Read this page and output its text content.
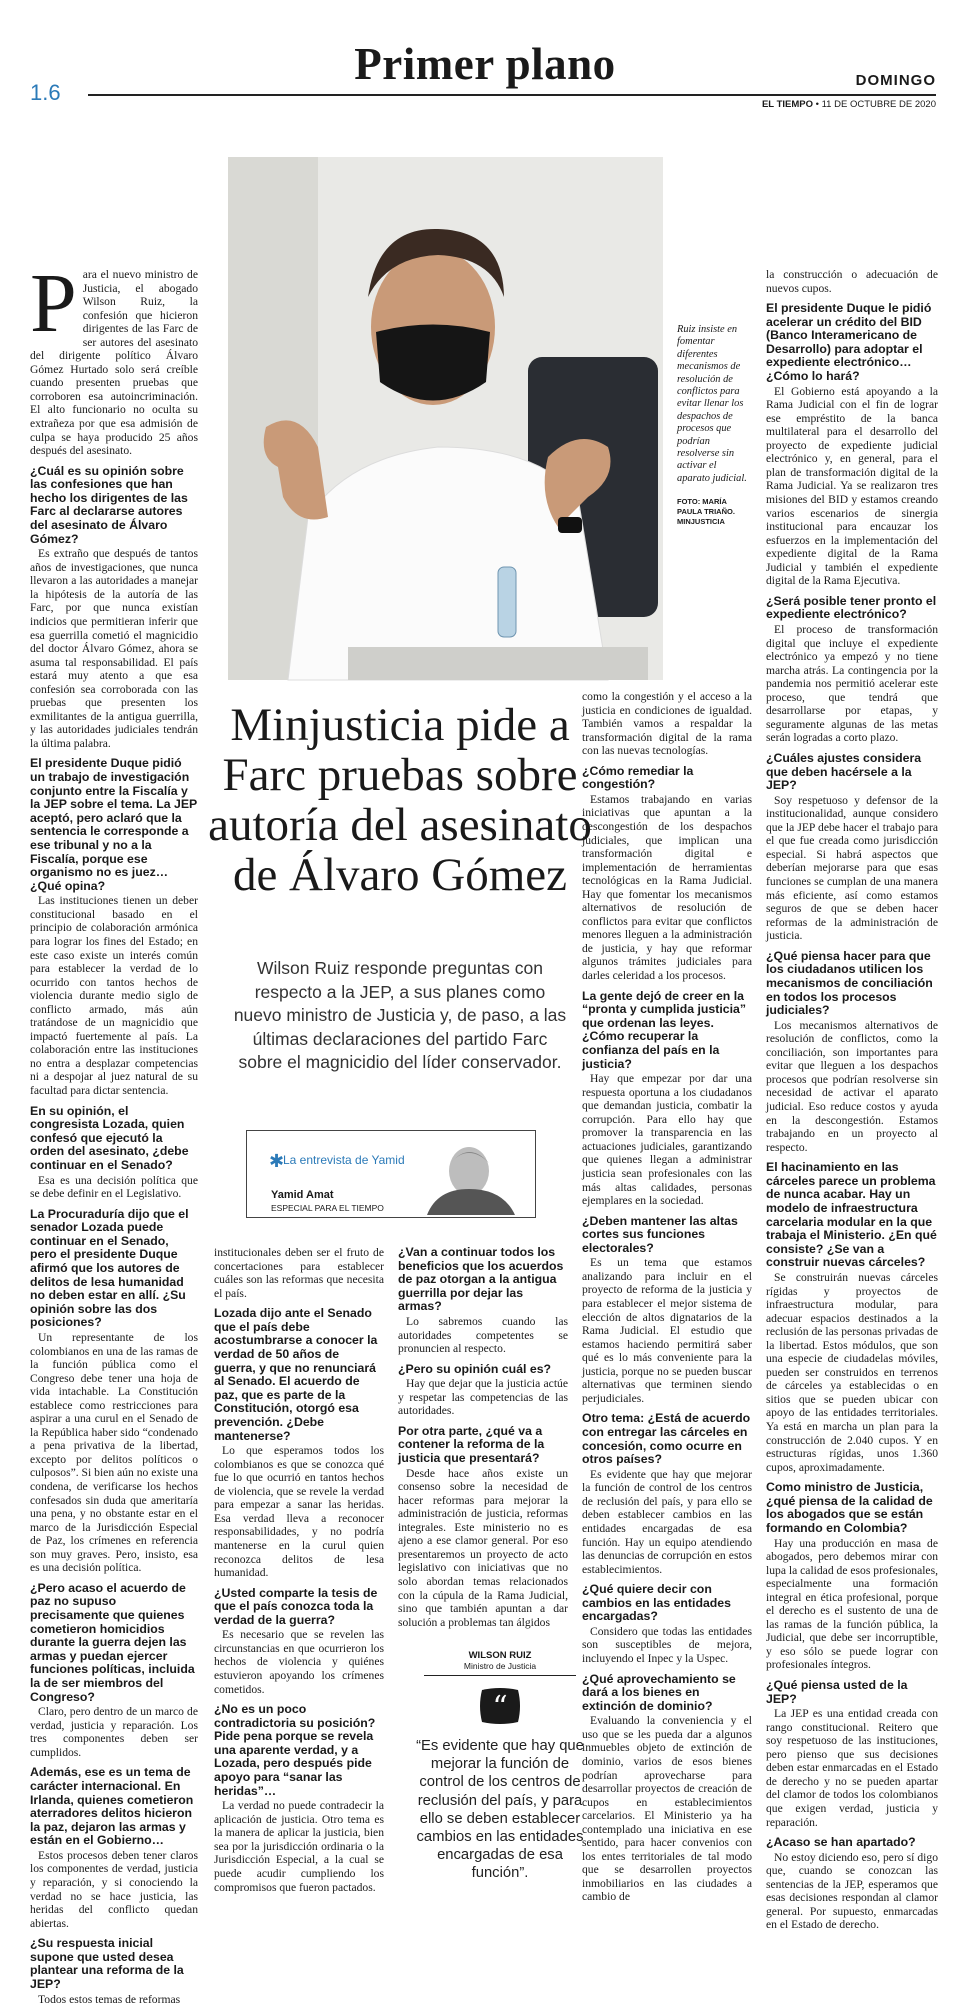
Primer plano
1.6	DOMINGO
EL TIEMPO • 11 DE OCTUBRE DE 2020
Ruiz insiste en fomentar diferentes mecanismos de resolución de conflictos para evitar llenar los despachos de procesos que podrían resolverse sin activar el aparato judicial.
FOTO: MARÍA PAULA TRIAÑO. MINJUSTICIA
Minjusticia pide a Farc pruebas sobre autoría del asesinato de Álvaro Gómez
Wilson Ruiz responde preguntas con respecto a la JEP, a sus planes como nuevo ministro de Justicia y, de paso, a las últimas declaraciones del partido Farc sobre el magnicidio del líder conservador.
✱
La entrevista de Yamid
Yamid Amat
ESPECIAL PARA EL TIEMPO
WILSON RUIZ
Ministro de Justicia
“
“Es evidente que hay que mejorar la función de control de los centros de reclusión del país, y para ello se deben establecer cambios en las entidades encargadas de esa función”.

Para el nuevo ministro de Justicia, el abogado Wilson Ruiz, la confesión que hicieron dirigentes de las Farc de ser autores del asesinato del dirigente político Álvaro Gómez Hurtado solo será creíble cuando presenten pruebas que corroboren esa autoincriminación. El alto funcionario no oculta su extrañeza por que esa admisión de culpa se haya producido 25 años después del asesinato.

¿Cuál es su opinión sobre las confesiones que han hecho los dirigentes de las Farc al declararse autores del asesinato de Álvaro Gómez?

Es extraño que después de tantos años de investigaciones, que nunca llevaron a las autoridades a manejar la hipótesis de la autoría de las Farc, por que nunca existían indicios que permitieran inferir que esa guerrilla cometió el magnicidio del doctor Álvaro Gómez, ahora se asuma tal responsabilidad. El país estará muy atento a que esa confesión sea corroborada con las pruebas que presenten los exmilitantes de la antigua guerrilla, y las autoridades judiciales tendrán la última palabra.

El presidente Duque pidió un trabajo de investigación conjunto entre la Fiscalía y la JEP sobre el tema. La JEP aceptó, pero aclaró que la sentencia le corresponde a ese tribunal y no a la Fiscalía, porque ese organismo no es juez… ¿Qué opina?

Las instituciones tienen un deber constitucional basado en el principio de colaboración armónica para lograr los fines del Estado; en este caso existe un interés común para establecer la verdad de lo ocurrido con tantos hechos de violencia durante medio siglo de conflicto armado, más aún tratándose de un magnicidio que impactó fuertemente al país. La colaboración entre las instituciones no entra a desplazar competencias ni a despojar al juez natural de su facultad para dictar sentencia.

En su opinión, el congresista Lozada, quien confesó que ejecutó la orden del asesinato, ¿debe continuar en el Senado?

Esa es una decisión política que se debe definir en el Legislativo.

La Procuraduría dijo que el senador Lozada puede continuar en el Senado, pero el presidente Duque afirmó que los autores de delitos de lesa humanidad no deben estar en allí. ¿Su opinión sobre las dos posiciones?

Un representante de los colombianos en una de las ramas de la función pública como el Congreso debe tener una hoja de vida intachable. La Constitución establece como restricciones para aspirar a una curul en el Senado de la República haber sido “condenado a pena privativa de la libertad, excepto por delitos políticos o culposos”. Si bien aún no existe una condena, de verificarse los hechos confesados sin duda que ameritaría una pena, y no obstante estar en el marco de la Jurisdicción Especial de Paz, los crímenes en referencia son muy graves. Pero, insisto, esa es una decisión política.

¿Pero acaso el acuerdo de paz no supuso precisamente que quienes cometieron homicidios durante la guerra dejen las armas y puedan ejercer funciones políticas, incluida la de ser miembros del Congreso?

Claro, pero dentro de un marco de verdad, justicia y reparación. Los tres componentes deben ser cumplidos.

Además, ese es un tema de carácter internacional. En Irlanda, quienes cometieron aterradores delitos hicieron la paz, dejaron las armas y están en el Gobierno…

Estos procesos deben tener claros los componentes de verdad, justicia y reparación, y si conociendo la verdad no se hace justicia, las heridas del conflicto quedan abiertas.

¿Su respuesta inicial supone que usted desea plantear una reforma de la JEP?

Todos estos temas de reformas

institucionales deben ser el fruto de concertaciones para establecer cuáles son las reformas que necesita el país.

Lozada dijo ante el Senado que el país debe acostumbrarse a conocer la verdad de 50 años de guerra, y que no renunciará al Senado. El acuerdo de paz, que es parte de la Constitución, otorgó esa prevención. ¿Debe mantenerse?

Lo que esperamos todos los colombianos es que se conozca qué fue lo que ocurrió en tantos hechos de violencia, que se revele la verdad para empezar a sanar las heridas. Esa verdad lleva a reconocer responsabilidades, y no podría mantenerse en la curul quien reconozca delitos de lesa humanidad.

¿Usted comparte la tesis de que el país conozca toda la verdad de la guerra?

Es necesario que se revelen las circunstancias en que ocurrieron los hechos de violencia y quiénes estuvieron apoyando los crímenes cometidos.

¿No es un poco contradictoria su posición? Pide pena porque se revela una aparente verdad, y a Lozada, pero después pide apoyo para “sanar las heridas”…

La verdad no puede contradecir la aplicación de justicia. Otro tema es la manera de aplicar la justicia, bien sea por la jurisdicción ordinaria o la Jurisdicción Especial, a la cual se puede acudir cumpliendo los compromisos que fueron pactados.

¿Van a continuar todos los beneficios que los acuerdos de paz otorgan a la antigua guerrilla por dejar las armas?

Lo sabremos cuando las autoridades competentes se pronuncien al respecto.

¿Pero su opinión cuál es?

Hay que dejar que la justicia actúe y respetar las competencias de las autoridades.

Por otra parte, ¿qué va a contener la reforma de la justicia que presentará?

Desde hace años existe un consenso sobre la necesidad de hacer reformas para mejorar la administración de justicia, reformas integrales. Este ministerio no es ajeno a ese clamor general. Por eso presentaremos un proyecto de acto legislativo con iniciativas que no solo abordan temas relacionados con la cúpula de la Rama Judicial, sino que también apuntan a dar solución a problemas tan álgidos

como la congestión y el acceso a la justicia en condiciones de igualdad. También vamos a respaldar la transformación digital de la rama con las nuevas tecnologías.

¿Cómo remediar la congestión?

Estamos trabajando en varias iniciativas que apuntan a la descongestión de los despachos judiciales, que implican una transformación digital e implementación de herramientas tecnológicas en la Rama Judicial. Hay que fomentar los mecanismos alternativos de resolución de conflictos para evitar que conflictos menores lleguen a la administración de justicia, y hay que reformar algunos trámites judiciales para darles celeridad a los procesos.

La gente dejó de creer en la “pronta y cumplida justicia” que ordenan las leyes. ¿Cómo recuperar la confianza del país en la justicia?

Hay que empezar por dar una respuesta oportuna a los ciudadanos que demandan justicia, combatir la corrupción. Para ello hay que promover la transparencia en las actuaciones judiciales, garantizando que quienes llegan a administrar justicia sean profesionales con las más altas calidades, personas ejemplares en la sociedad.

¿Deben mantener las altas cortes sus funciones electorales?

Es un tema que estamos analizando para incluir en el proyecto de reforma de la justicia y para establecer el mejor sistema de elección de altos dignatarios de la Rama Judicial. El estudio que estamos haciendo permitirá saber qué es lo más conveniente para la justicia, porque no se pueden buscar alternativas que terminen siendo perjudiciales.

Otro tema: ¿Está de acuerdo con entregar las cárceles en concesión, como ocurre en otros países?

Es evidente que hay que mejorar la función de control de los centros de reclusión del país, y para ello se deben establecer cambios en las entidades encargadas de esa función. Hay un equipo atendiendo las denuncias de corrupción en estos establecimientos.

¿Qué quiere decir con cambios en las entidades encargadas?

Considero que todas las entidades son susceptibles de mejora, incluyendo el Inpec y la Uspec.

¿Qué aprovechamiento se dará a los bienes en extinción de dominio?

Evaluando la conveniencia y el uso que se les pueda dar a algunos inmuebles objeto de extinción de dominio, varios de esos bienes podrían aprovecharse para desarrollar proyectos de creación de cupos en establecimientos carcelarios. El Ministerio ya ha contemplado una iniciativa en ese sentido, para hacer convenios con los entes territoriales de tal modo que se desarrollen proyectos inmobiliarios en las ciudades a cambio de

la construcción o adecuación de nuevos cupos.

El presidente Duque le pidió acelerar un crédito del BID (Banco Interamericano de Desarrollo) para adoptar el expediente electrónico… ¿Cómo lo hará?

El Gobierno está apoyando a la Rama Judicial con el fin de lograr ese empréstito de la banca multilateral para el desarrollo del proyecto de expediente judicial electrónico y, en general, para el plan de transformación digital de la Rama Judicial. Ya se realizaron tres misiones del BID y estamos creando varios escenarios de sinergia institucional para encauzar los esfuerzos en la implementación del expediente digital de la Rama Judicial y también el expediente digital de la Rama Ejecutiva.

¿Será posible tener pronto el expediente electrónico?

El proceso de transformación digital que incluye el expediente electrónico ya empezó y no tiene marcha atrás. La contingencia por la pandemia nos permitió acelerar este proceso, que tendrá que desarrollarse por etapas, y seguramente algunas de las metas serán logradas a corto plazo.

¿Cuáles ajustes considera que deben hacérsele a la JEP?

Soy respetuoso y defensor de la institucionalidad, aunque considero que la JEP debe hacer el trabajo para el que fue creada como jurisdicción especial. Si habrá aspectos que deberían mejorarse para que esas funciones se cumplan de una manera más eficiente, así como estamos seguros de que se deben hacer reformas de la administración de justicia.

¿Qué piensa hacer para que los ciudadanos utilicen los mecanismos de conciliación en todos los procesos judiciales?

Los mecanismos alternativos de resolución de conflictos, como la conciliación, son importantes para evitar que lleguen a los despachos procesos que podrían resolverse sin necesidad de activar el aparato judicial. Eso reduce costos y ayuda en la descongestión. Estamos trabajando en un proyecto al respecto.

El hacinamiento en las cárceles parece un problema de nunca acabar. Hay un modelo de infraestructura carcelaria modular en la que trabaja el Ministerio. ¿En qué consiste? ¿Se van a construir nuevas cárceles?

Se construirán nuevas cárceles rígidas y proyectos de infraestructura modular, para adecuar espacios destinados a la reclusión de las personas privadas de la libertad. Estos módulos, que son una especie de ciudadelas móviles, pueden ser construidos en terrenos de cárceles ya establecidas o en sitios que se pueden ubicar con apoyo de las entidades territoriales. Ya está en marcha un plan para la construcción de 2.040 cupos. Y en estructuras rígidas, unos 1.360 cupos, aproximadamente.

Como ministro de Justicia, ¿qué piensa de la calidad de los abogados que se están formando en Colombia?

Hay una producción en masa de abogados, pero debemos mirar con lupa la calidad de esos profesionales, especialmente una formación integral en ética profesional, porque el derecho es el sustento de una de las ramas de la función pública, la Judicial, que debe ser incorruptible, y eso sólo se puede lograr con profesionales íntegros.

¿Qué piensa usted de la JEP?

La JEP es una entidad creada con rango constitucional. Reitero que soy respetuoso de las instituciones, pero pienso que sus decisiones deben estar enmarcadas en el Estado de derecho y no se pueden apartar del clamor de todos los colombianos que exigen verdad, justicia y reparación.

¿Acaso se han apartado?

No estoy diciendo eso, pero sí digo que, cuando se conozcan las sentencias de la JEP, esperamos que esas decisiones respondan al clamor general. Por supuesto, enmarcadas en el Estado de derecho.
